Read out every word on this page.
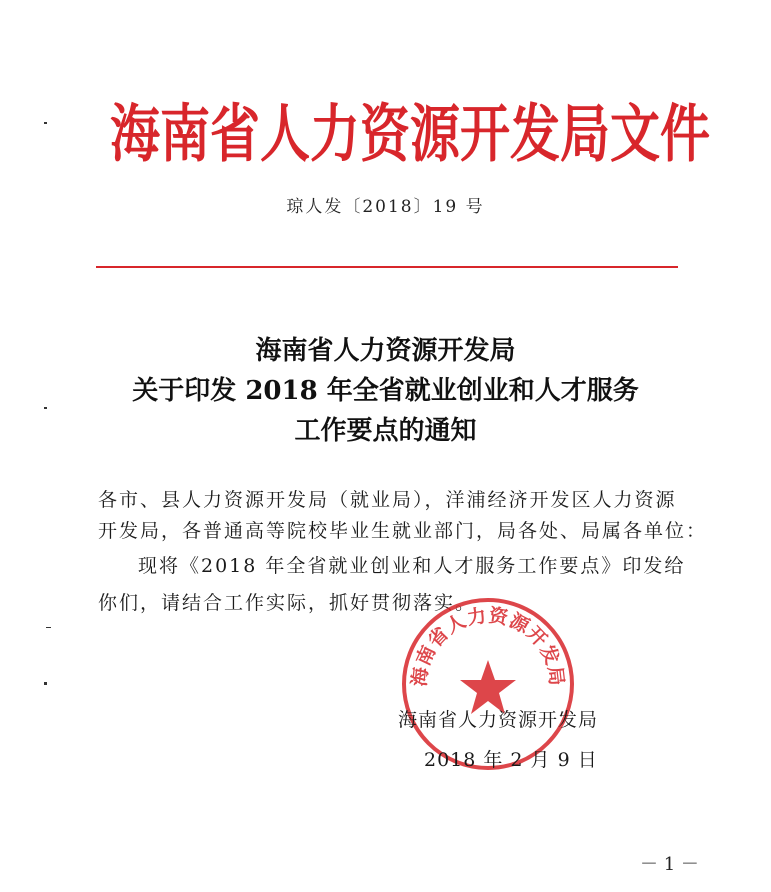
海南省人力资源开发局文件
琼人发〔2018〕19 号
海南省人力资源开发局
关于印发 2018 年全省就业创业和人才服务
工作要点的通知
各市、县人力资源开发局（就业局），洋浦经济开发区人力资源
开发局，各普通高等院校毕业生就业部门，局各处、局属各单位：
现将《2018 年全省就业创业和人才服务工作要点》印发给
你们，请结合工作实际，抓好贯彻落实。
海南省人力资源开发局
海南省人力资源开发局
2018 年 2 月 9 日
－ 1 －
